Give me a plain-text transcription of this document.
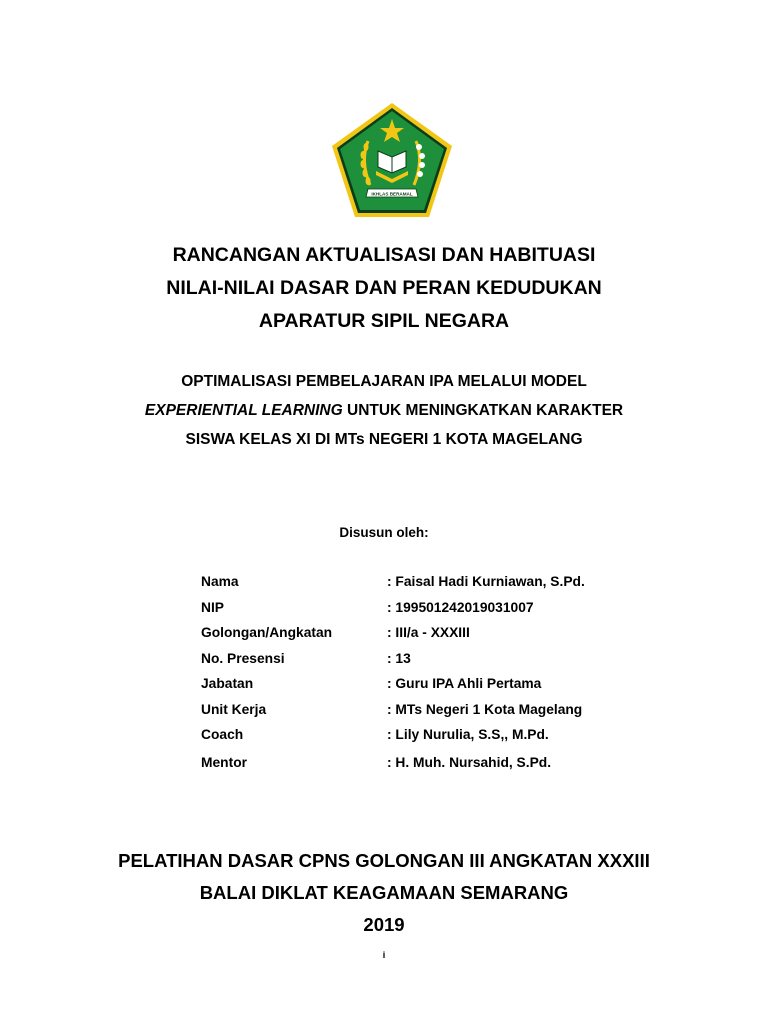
IKHLAS BERAMAL
RANCANGAN AKTUALISASI DAN HABITUASI
NILAI-NILAI DASAR DAN PERAN KEDUDUKAN
APARATUR SIPIL NEGARA
OPTIMALISASI PEMBELAJARAN IPA MELALUI MODEL
EXPERIENTIAL LEARNING UNTUK MENINGKATKAN KARAKTER
SISWA KELAS XI DI MTs NEGERI 1 KOTA MAGELANG
Disusun oleh:
Nama	: Faisal Hadi Kurniawan, S.Pd.
NIP	: 199501242019031007
Golongan/Angkatan	: III/a - XXXIII
No. Presensi	: 13
Jabatan	: Guru IPA Ahli Pertama
Unit Kerja	: MTs Negeri 1 Kota Magelang
Coach	: Lily Nurulia, S.S,, M.Pd.
Mentor	: H. Muh. Nursahid, S.Pd.
PELATIHAN DASAR CPNS GOLONGAN III ANGKATAN XXXIII
BALAI DIKLAT KEAGAMAAN SEMARANG
2019
i
